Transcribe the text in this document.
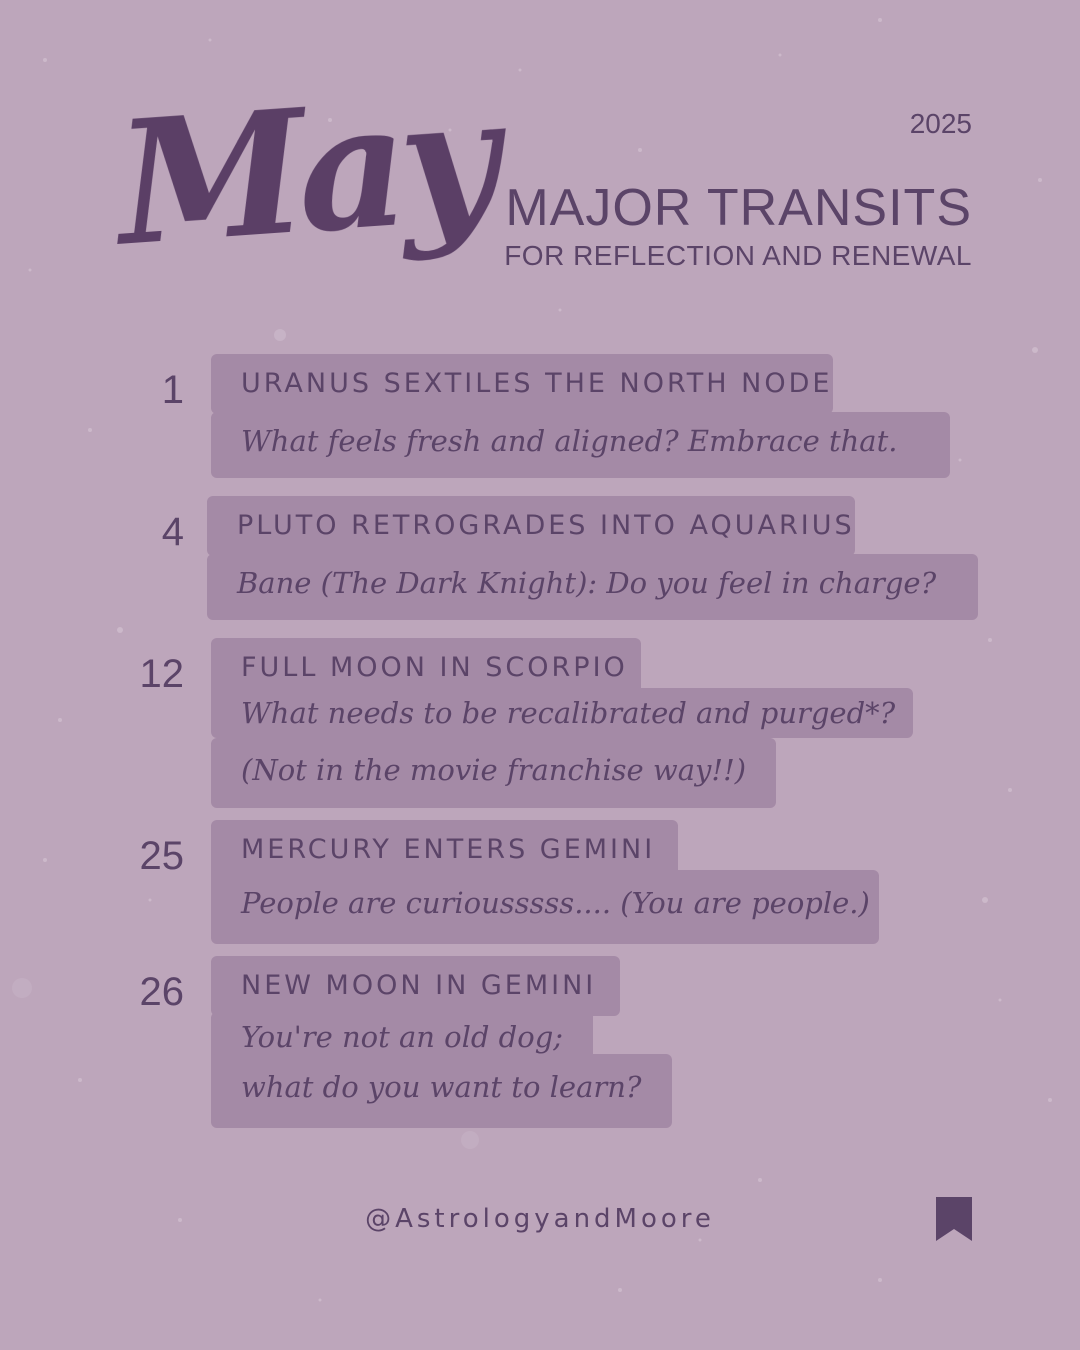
2025
May MAJOR TRANSITS
FOR REFLECTION AND RENEWAL
1	URANUS SEXTILES THE NORTH NODE
What feels fresh and aligned? Embrace that.
4	PLUTO RETROGRADES INTO AQUARIUS
Bane (The Dark Knight): Do you feel in charge?
12	FULL MOON IN SCORPIO
What needs to be recalibrated and purged*?
(Not in the movie franchise way!!)
25	MERCURY ENTERS GEMINI
People are curiousssss.... (You are people.)
26	NEW MOON IN GEMINI
You're not an old dog;
what do you want to learn?
@AstrologyandMoore
